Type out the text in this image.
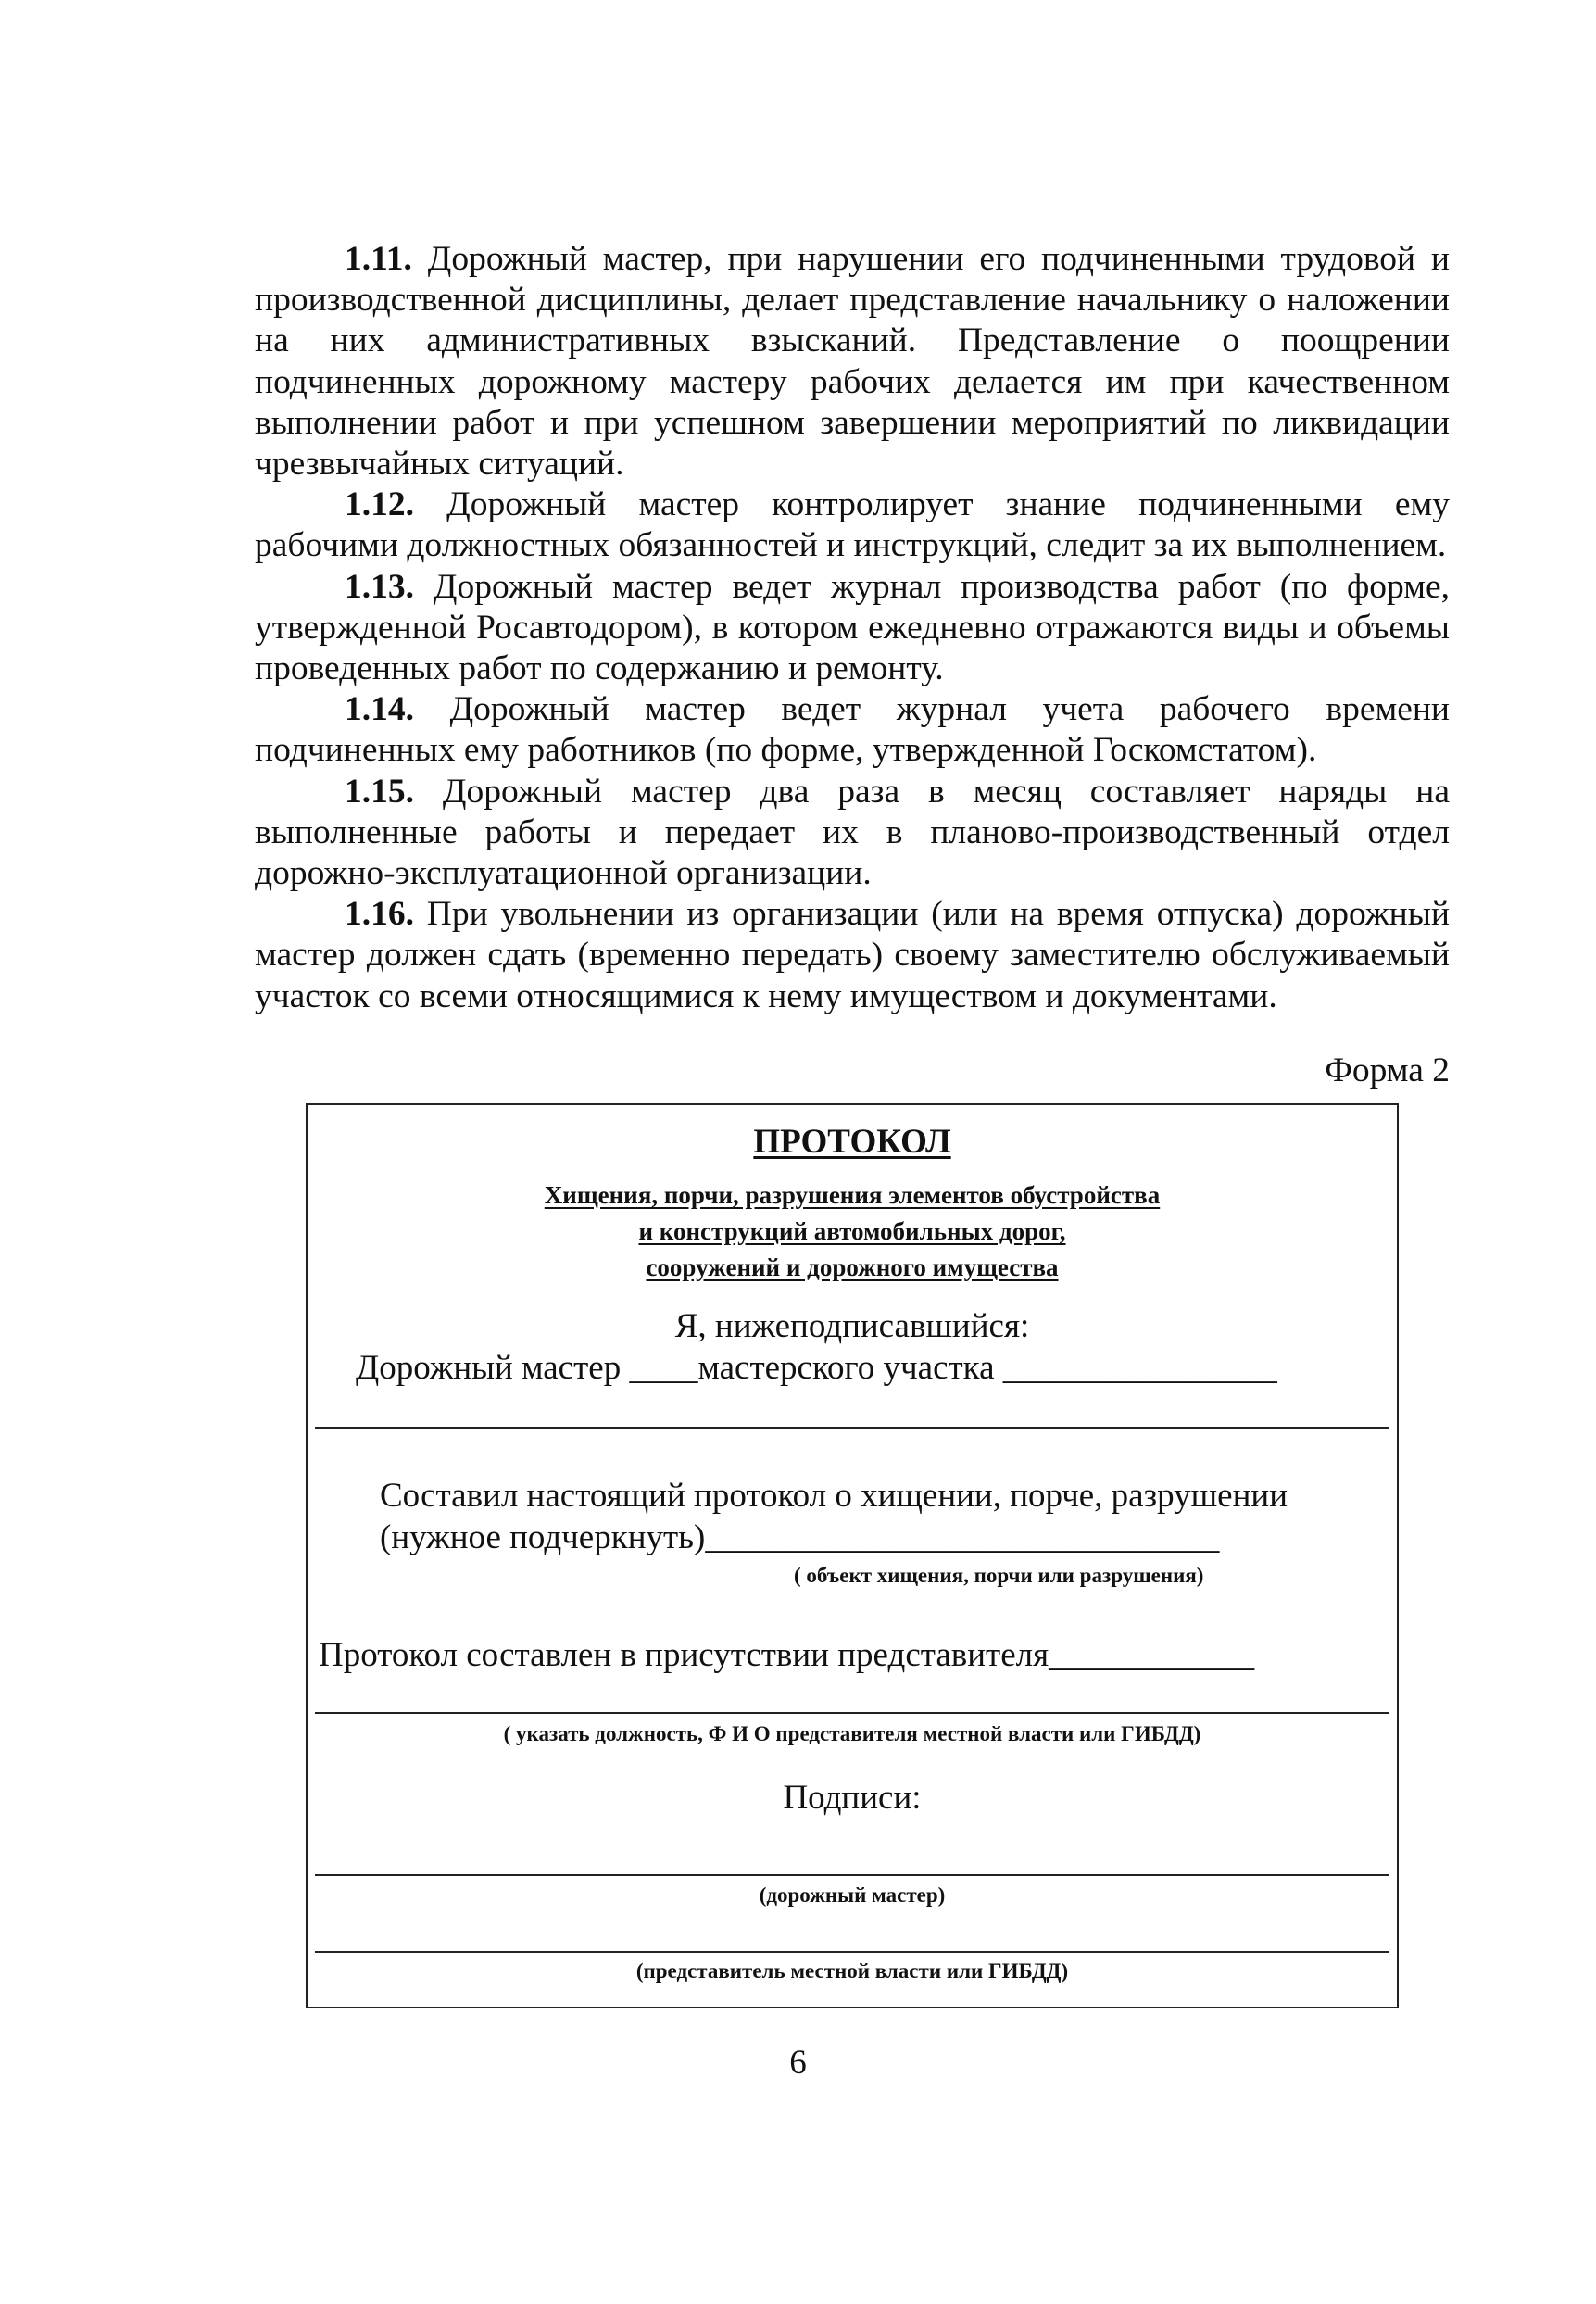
1.11. Дорожный мастер, при нарушении его подчиненными трудовой и производственной дисциплины, делает представление начальнику о наложении на них административных взысканий. Представление о поощрении подчиненных дорожному мастеру рабочих делается им при качественном выполнении работ и при успешном завершении мероприятий по ликвидации чрезвычайных ситуаций.

1.12. Дорожный мастер контролирует знание подчиненными ему рабочими должностных обязанностей и инструкций, следит за их выполнением.

1.13. Дорожный мастер ведет журнал производства работ (по форме, утвержденной Росавтодором), в котором ежедневно отражаются виды и объемы проведенных работ по содержанию и ремонту.

1.14. Дорожный мастер ведет журнал учета рабочего времени подчиненных ему работников (по форме, утвержденной Госкомстатом).

1.15. Дорожный мастер два раза в месяц составляет наряды на выполненные работы и передает их в планово-производственный отдел дорожно-эксплуатационной организации.

1.16. При увольнении из организации (или на время отпуска) дорожный мастер должен сдать (временно передать) своему заместителю обслуживаемый участок со всеми относящимися к нему имуществом и документами.

Форма 2
ПРОТОКОЛ
Хищения, порчи, разрушения элементов обустройства
и конструкций автомобильных дорог,
сооружений и дорожного имущества
Я, нижеподписавшийся:
Дорожный мастер ____мастерского участка ________________
Составил настоящий протокол о хищении, порче, разрушении
(нужное подчеркнуть)______________________________
( объект хищения, порчи или разрушения)
Протокол составлен в присутствии представителя____________
( указать должность, Ф И О представителя местной власти или ГИБДД)
Подписи:
(дорожный мастер)
(представитель местной власти или ГИБДД)
6
